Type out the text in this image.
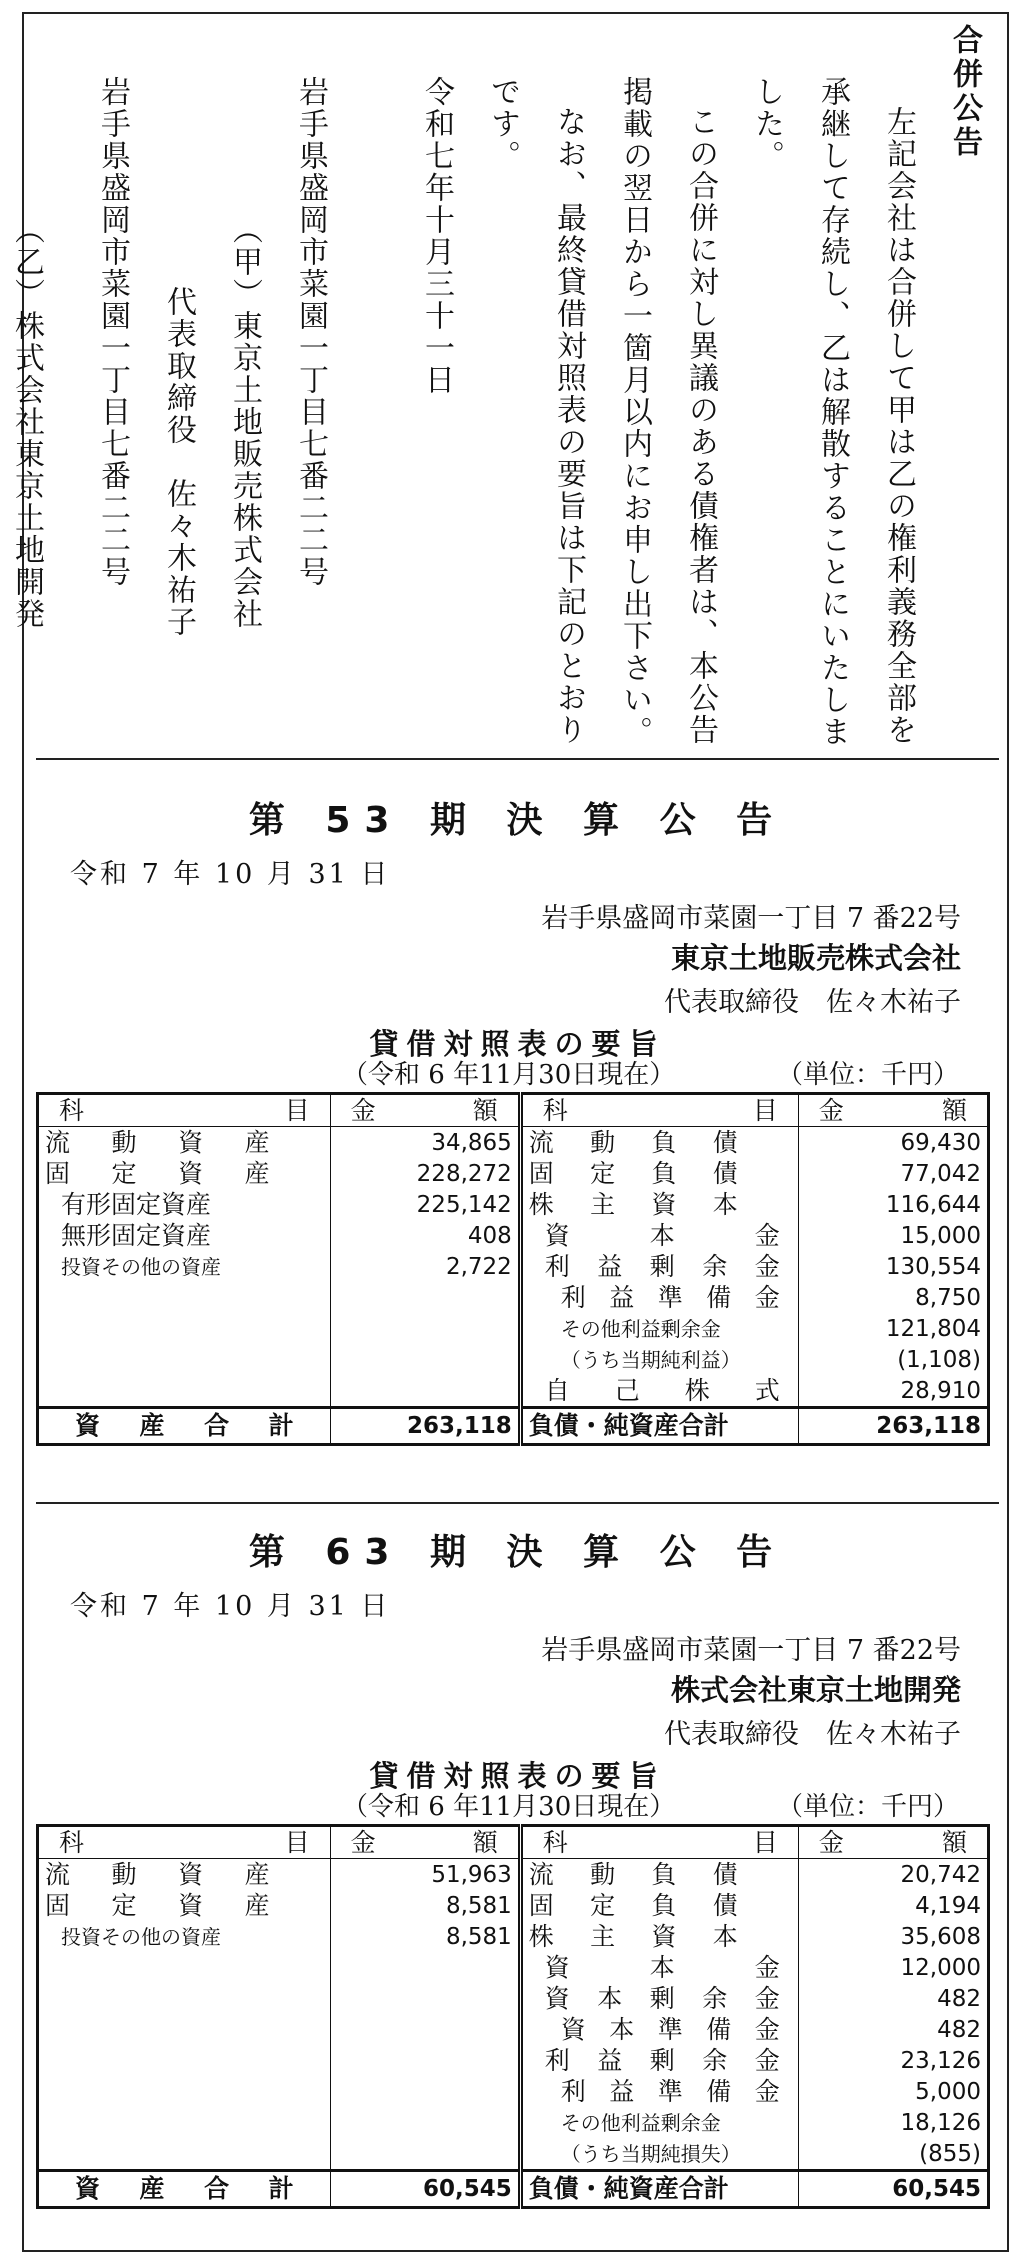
合併公告

左記会社は合併して甲は乙の権利義務全部を

承継して存続し、乙は解散することにいたしま

した。

この合併に対し異議のある債権者は、本公告

掲載の翌日から一箇月以内にお申し出下さい。

なお、最終貸借対照表の要旨は下記のとおり

です。

令和七年十月三十一日

岩手県盛岡市菜園一丁目七番二二号

（甲）東京土地販売株式会社

代表取締役　佐々木祐子

岩手県盛岡市菜園一丁目七番二二号

（乙）株式会社東京土地開発

第 53 期 決 算 公 告
令和 7 年 10 月 31 日
岩手県盛岡市菜園一丁目 7 番22号
東京土地販売株式会社
代表取締役　佐々木祐子
貸借対照表の要旨
（令和 6 年11月30日現在）	（単位：千円）
科 目	金 額	科 目	金 額

流 動 資 産	34,865	流 動 負 債	69,430

固 定 資 産	228,272	固 定 負 債	77,042
有形固定資産	225,142	株 主 資 本	116,644
無形固定資産	408	資 本 金	15,000
投資その他の資産	2,722	利 益 剰 余 金	130,554

		利 益 準 備 金	8,750
		その他利益剰余金	121,804
		（うち当期純利益）	(1,108)

		自 己 株 式	28,910

資 産 合 計	263,118	負債・純資産合計	263,118
第 63 期 決 算 公 告
令和 7 年 10 月 31 日
岩手県盛岡市菜園一丁目 7 番22号
株式会社東京土地開発
代表取締役　佐々木祐子
貸借対照表の要旨
（令和 6 年11月30日現在）	（単位：千円）
科 目	金 額	科 目	金 額

流 動 資 産	51,963	流 動 負 債	20,742

固 定 資 産	8,581	固 定 負 債	4,194
投資その他の資産	8,581	株 主 資 本	35,608

		資 本 金	12,000

		資 本 剰 余 金	482

		資 本 準 備 金	482

		利 益 剰 余 金	23,126

		利 益 準 備 金	5,000
		その他利益剰余金	18,126
		（うち当期純損失）	(855)

資 産 合 計	60,545	負債・純資産合計	60,545
